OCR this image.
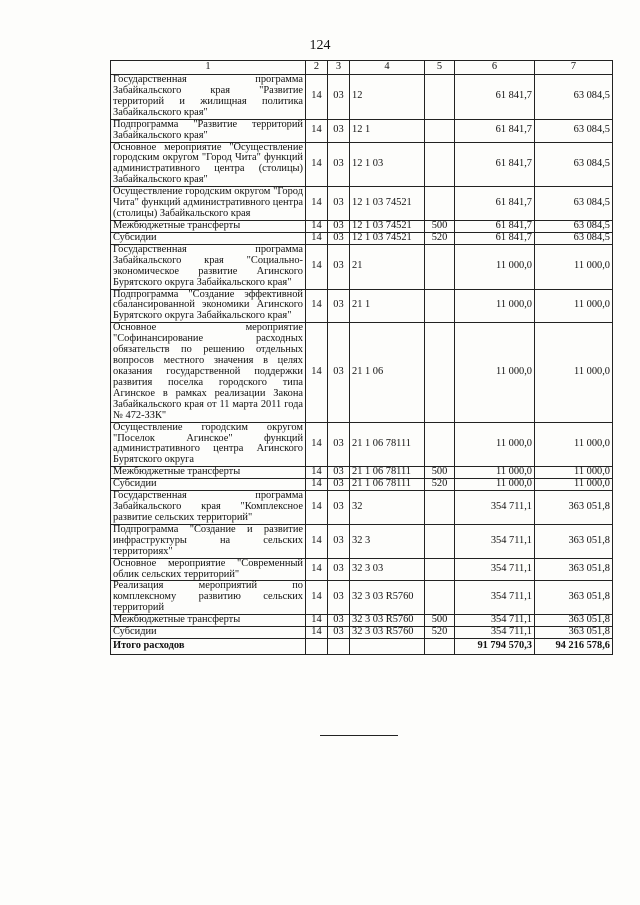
124
1	2	3	4	5	6	7
Государственная программа Забайкальского края "Развитие территорий и жилищная политика Забайкальского края"	14	03	12		61 841,7	63 084,5
Подпрограмма "Развитие территорий Забайкальского края"	14	03	12 1		61 841,7	63 084,5
Основное мероприятие "Осуществление городским округом "Город Чита" функций административного центра (столицы) Забайкальского края"	14	03	12 1 03		61 841,7	63 084,5
Осуществление городским округом "Город Чита" функций административного центра (столицы) Забайкальского края	14	03	12 1 03 74521		61 841,7	63 084,5
Межбюджетные трансферты	14	03	12 1 03 74521	500	61 841,7	63 084,5
Субсидии	14	03	12 1 03 74521	520	61 841,7	63 084,5
Государственная программа Забайкальского края "Социально-экономическое развитие Агинского Бурятского округа Забайкальского края"	14	03	21		11 000,0	11 000,0
Подпрограмма "Создание эффективной сбалансированной экономики Агинского Бурятского округа Забайкальского края"	14	03	21 1		11 000,0	11 000,0
Основное мероприятие "Софинансирование расходных обязательств по решению отдельных вопросов местного значения в целях оказания государственной поддержки развития поселка городского типа Агинское в рамках реализации Закона Забайкальского края от 11 марта 2011 года № 472-ЗЗК"	14	03	21 1 06		11 000,0	11 000,0
Осуществление городским округом "Поселок Агинское" функций административного центра Агинского Бурятского округа	14	03	21 1 06 78111		11 000,0	11 000,0
Межбюджетные трансферты	14	03	21 1 06 78111	500	11 000,0	11 000,0
Субсидии	14	03	21 1 06 78111	520	11 000,0	11 000,0
Государственная программа Забайкальского края "Комплексное развитие сельских территорий"	14	03	32		354 711,1	363 051,8
Подпрограмма "Создание и развитие инфраструктуры на сельских территориях"	14	03	32 3		354 711,1	363 051,8
Основное мероприятие "Современный облик сельских территорий"	14	03	32 3 03		354 711,1	363 051,8
Реализация мероприятий по комплексному развитию сельских территорий	14	03	32 3 03 R5760		354 711,1	363 051,8
Межбюджетные трансферты	14	03	32 3 03 R5760	500	354 711,1	363 051,8
Субсидии	14	03	32 3 03 R5760	520	354 711,1	363 051,8
Итого расходов					91 794 570,3	94 216 578,6
